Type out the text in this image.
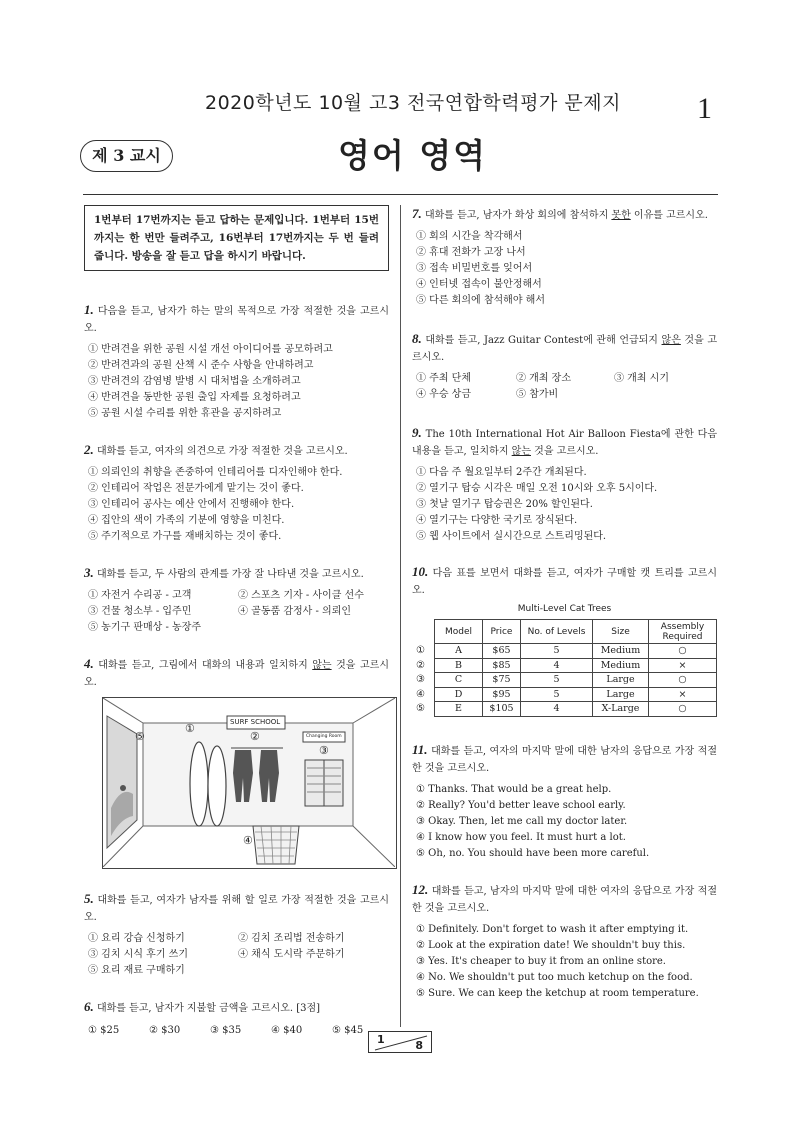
2020학년도 10월 고3 전국연합학력평가 문제지	1
제 3 교시	영어 영역
1번부터 17번까지는 듣고 답하는 문제입니다. 1번부터 15번까지는 한 번만 들려주고, 16번부터 17번까지는 두 번 들려줍니다. 방송을 잘 듣고 답을 하시기 바랍니다.
1. 다음을 듣고, 남자가 하는 말의 목적으로 가장 적절한 것을 고르시오.
① 반려견을 위한 공원 시설 개선 아이디어를 공모하려고
② 반려견과의 공원 산책 시 준수 사항을 안내하려고
③ 반려견의 감염병 발병 시 대처법을 소개하려고
④ 반려견을 동반한 공원 출입 자제를 요청하려고
⑤ 공원 시설 수리를 위한 휴관을 공지하려고
2. 대화를 듣고, 여자의 의견으로 가장 적절한 것을 고르시오.
① 의뢰인의 취향을 존중하여 인테리어를 디자인해야 한다.
② 인테리어 작업은 전문가에게 맡기는 것이 좋다.
③ 인테리어 공사는 예산 안에서 진행해야 한다.
④ 집안의 색이 가족의 기분에 영향을 미친다.
⑤ 주기적으로 가구를 재배치하는 것이 좋다.
3. 대화를 듣고, 두 사람의 관계를 가장 잘 나타낸 것을 고르시오.
① 자전거 수리공 - 고객	② 스포츠 기자 - 사이클 선수
③ 건물 청소부 - 입주민	④ 골동품 감정사 - 의뢰인
⑤ 농기구 판매상 - 농장주
4. 대화를 듣고, 그림에서 대화의 내용과 일치하지 않는 것을 고르시오.
SURF SCHOOL
Changing Room
①
②
③
④
⑤
5. 대화를 듣고, 여자가 남자를 위해 할 일로 가장 적절한 것을 고르시오.
① 요리 강습 신청하기	② 김치 조리법 전송하기
③ 김치 시식 후기 쓰기	④ 채식 도시락 주문하기
⑤ 요리 재료 구매하기
6. 대화를 듣고, 남자가 지불할 금액을 고르시오. [3점]
① $25	② $30	③ $35	④ $40	⑤ $45
7. 대화를 듣고, 남자가 화상 회의에 참석하지 못한 이유를 고르시오.
① 회의 시간을 착각해서
② 휴대 전화가 고장 나서
③ 접속 비밀번호를 잊어서
④ 인터넷 접속이 불안정해서
⑤ 다른 회의에 참석해야 해서
8. 대화를 듣고, Jazz Guitar Contest에 관해 언급되지 않은 것을 고르시오.
① 주최 단체	② 개최 장소	③ 개최 시기
④ 우승 상금	⑤ 참가비
9. The 10th International Hot Air Balloon Fiesta에 관한 다음 내용을 듣고, 일치하지 않는 것을 고르시오.
① 다음 주 월요일부터 2주간 개최된다.
② 열기구 탑승 시각은 매일 오전 10시와 오후 5시이다.
③ 첫날 열기구 탑승권은 20% 할인된다.
④ 열기구는 다양한 국기로 장식된다.
⑤ 웹 사이트에서 실시간으로 스트리밍된다.
10. 다음 표를 보면서 대화를 듣고, 여자가 구매할 캣 트리를 고르시오.
Multi-Level Cat Trees
①
②
③
④
⑤
Model	Price	No. of Levels	Size	Assembly Required
A	$65	5	Medium	○
B	$85	4	Medium	×
C	$75	5	Large	○
D	$95	5	Large	×
E	$105	4	X-Large	○
11. 대화를 듣고, 여자의 마지막 말에 대한 남자의 응답으로 가장 적절한 것을 고르시오.
① Thanks. That would be a great help.
② Really? You'd better leave school early.
③ Okay. Then, let me call my doctor later.
④ I know how you feel. It must hurt a lot.
⑤ Oh, no. You should have been more careful.
12. 대화를 듣고, 남자의 마지막 말에 대한 여자의 응답으로 가장 적절한 것을 고르시오.
① Definitely. Don't forget to wash it after emptying it.
② Look at the expiration date! We shouldn't buy this.
③ Yes. It's cheaper to buy it from an online store.
④ No. We shouldn't put too much ketchup on the food.
⑤ Sure. We can keep the ketchup at room temperature.
1	8
